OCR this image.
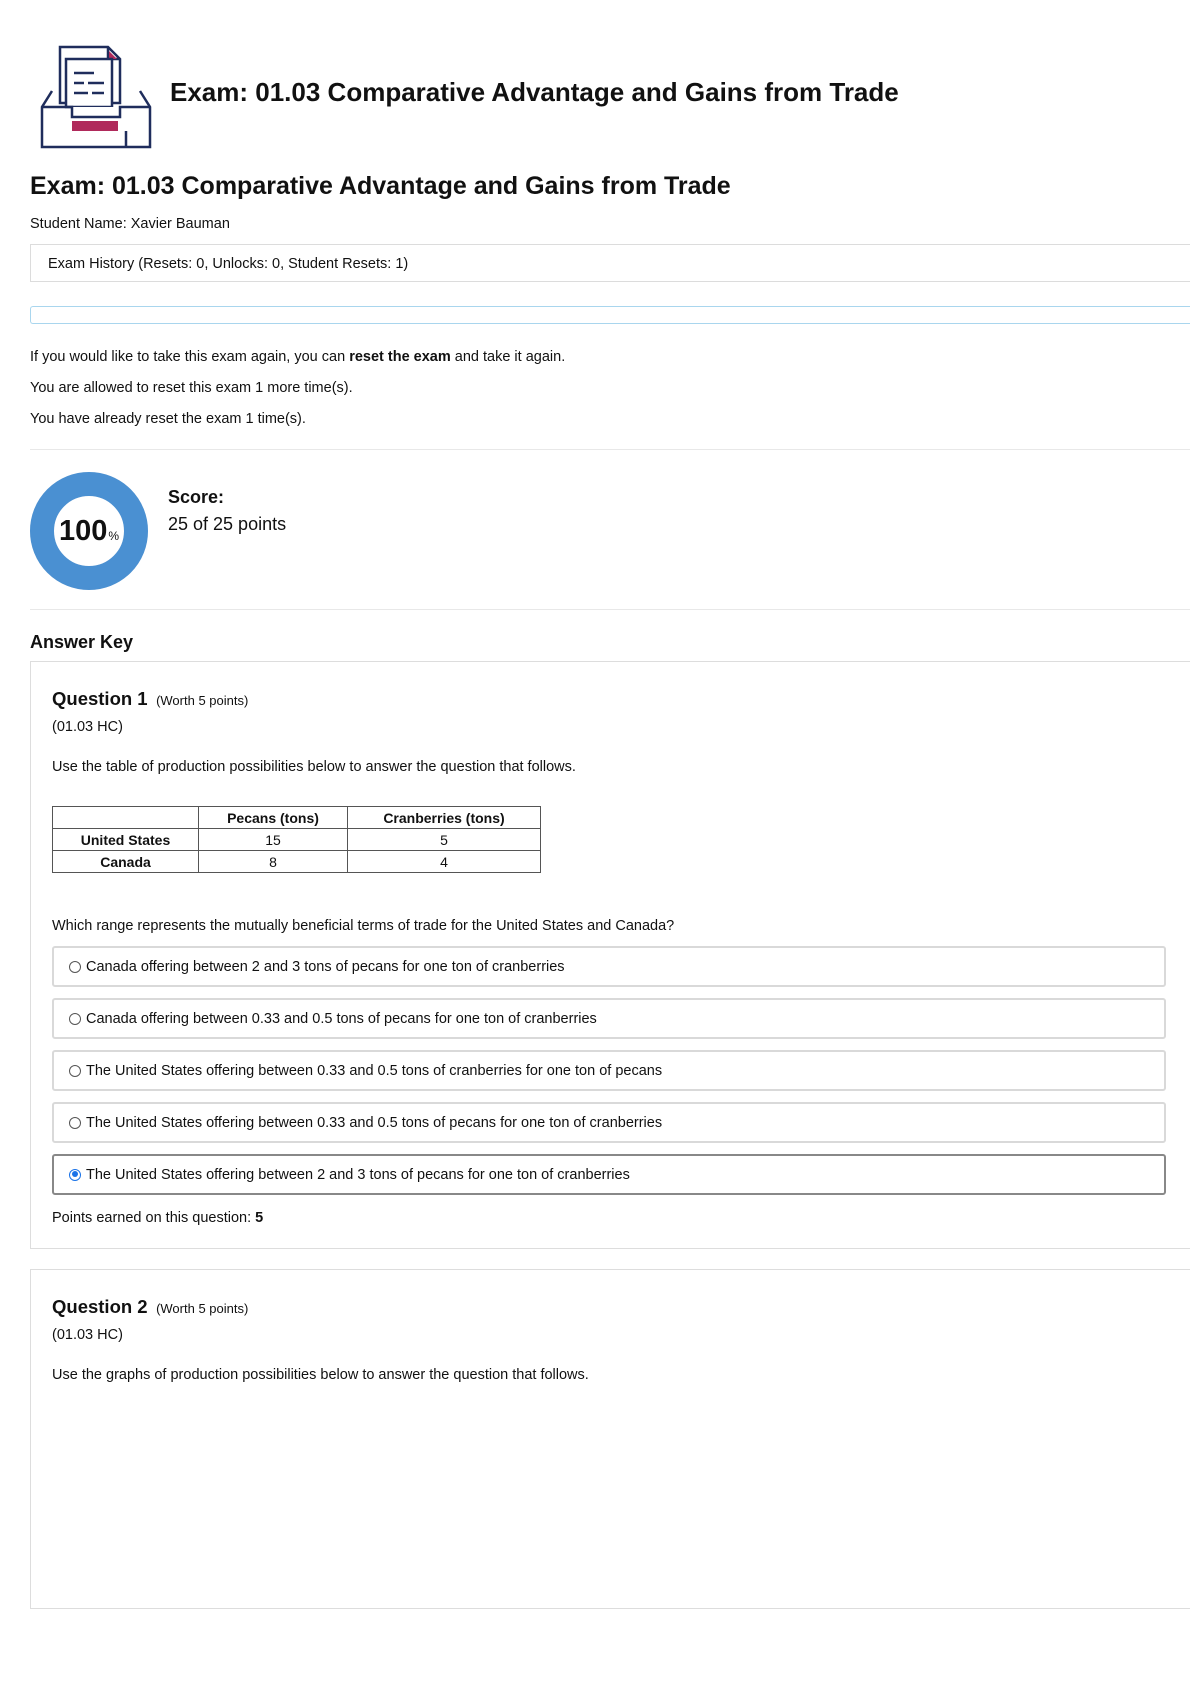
Exam: 01.03 Comparative Advantage and Gains from Trade
Exam: 01.03 Comparative Advantage and Gains from Trade
Student Name: Xavier Bauman
Exam History (Resets: 0, Unlocks: 0, Student Resets: 1)

If you would like to take this exam again, you can reset the exam and take it again.

You are allowed to reset this exam 1 more time(s).

You have already reset the exam 1 time(s).

100 %
Score:
25 of 25 points
Answer Key
Question 1 (Worth 5 points)
(01.03 HC)
Use the table of production possibilities below to answer the question that follows.
	Pecans (tons)	Cranberries (tons)
United States	15	5
Canada	8	4
Which range represents the mutually beneficial terms of trade for the United States and Canada?
Canada offering between 2 and 3 tons of pecans for one ton of cranberries
Canada offering between 0.33 and 0.5 tons of pecans for one ton of cranberries
The United States offering between 0.33 and 0.5 tons of cranberries for one ton of pecans
The United States offering between 0.33 and 0.5 tons of pecans for one ton of cranberries
The United States offering between 2 and 3 tons of pecans for one ton of cranberries
Points earned on this question: 5
Question 2 (Worth 5 points)
(01.03 HC)
Use the graphs of production possibilities below to answer the question that follows.
